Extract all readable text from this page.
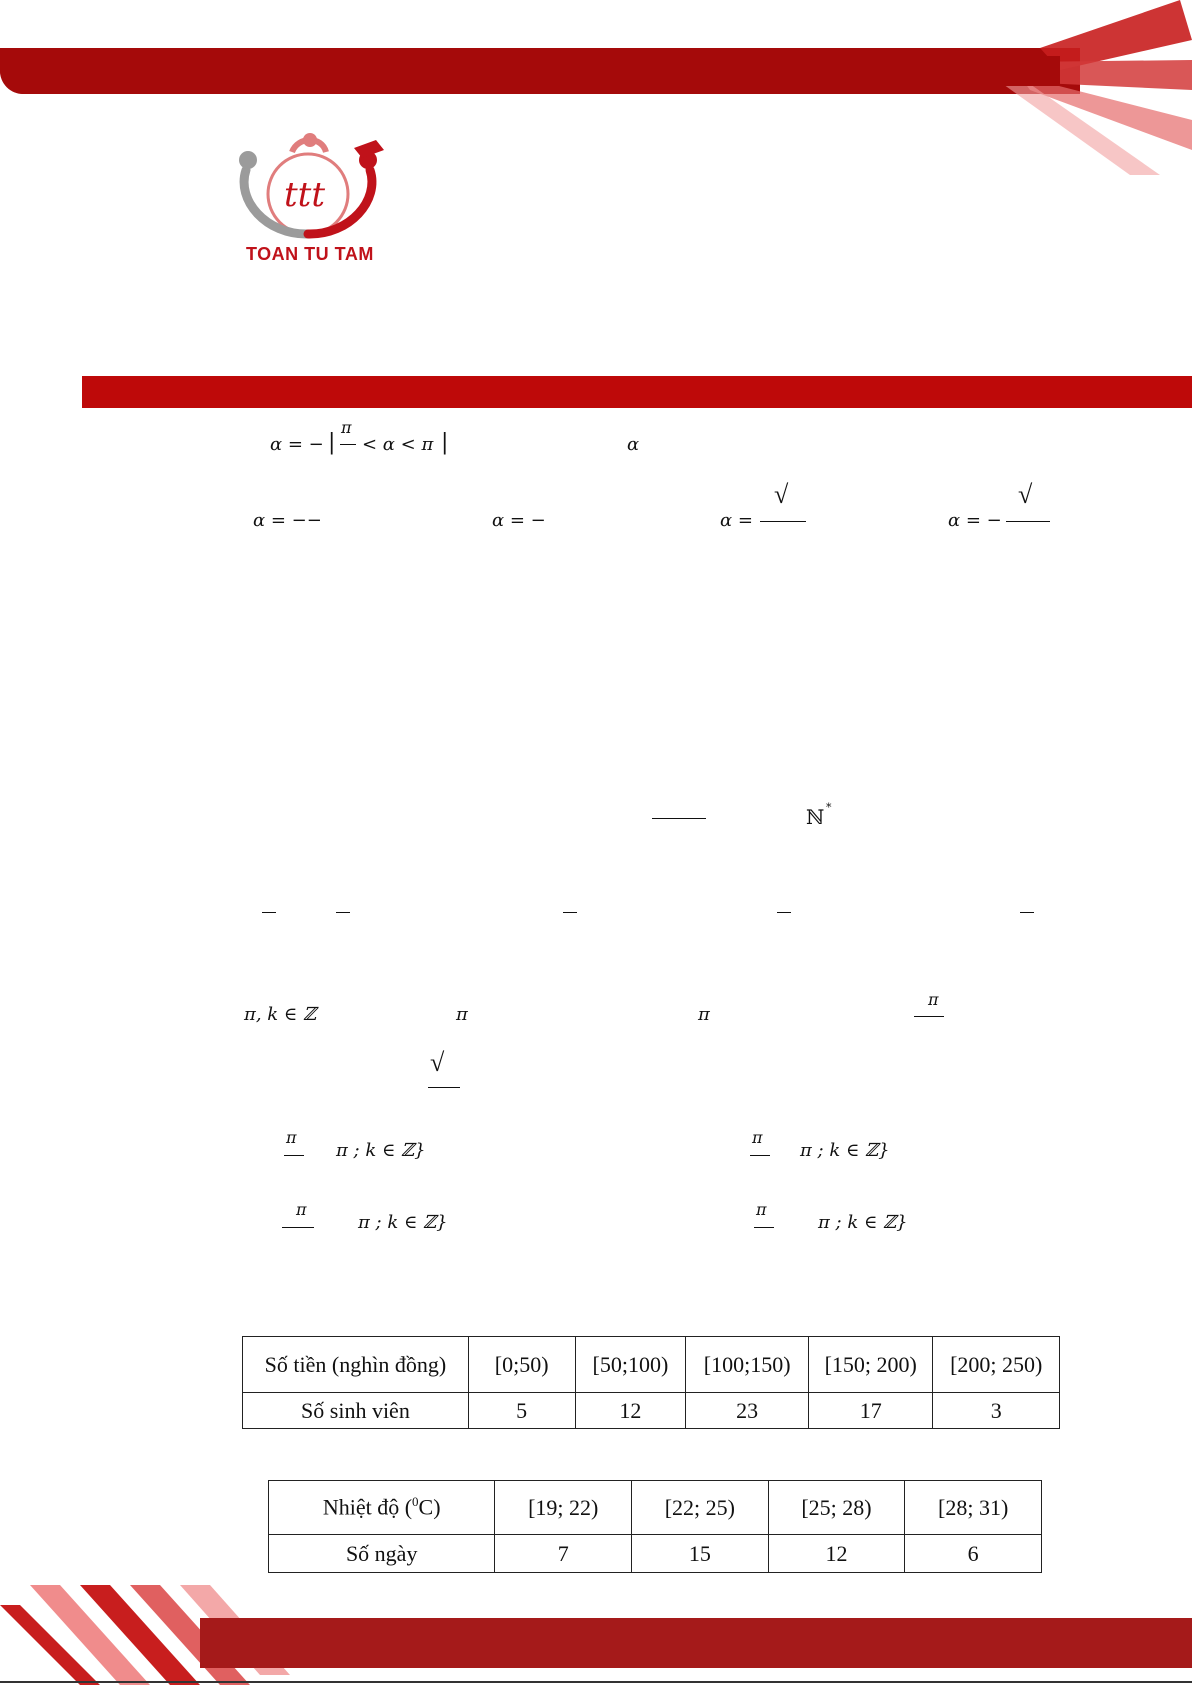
ttt
TOAN TU TAM
α = − |
π
< α < π |	α
α = −−	α = −	α =
√
α = −
√
ℕ *
π, k ∈ ℤ	π	π
π
√
π
π ; k ∈ ℤ}
π
π ; k ∈ ℤ}
π
π ; k ∈ ℤ}
π
π ; k ∈ ℤ}
Số tiền (nghìn đồng)	[0;50)	[50;100)	[100;150)	[150; 200)	[200; 250)
Số sinh viên	5	12	23	17	3
Nhiệt độ ($^0$C)	[19; 22)	[22; 25)	[25; 28)	[28; 31)
Số ngày	7	15	12	6
